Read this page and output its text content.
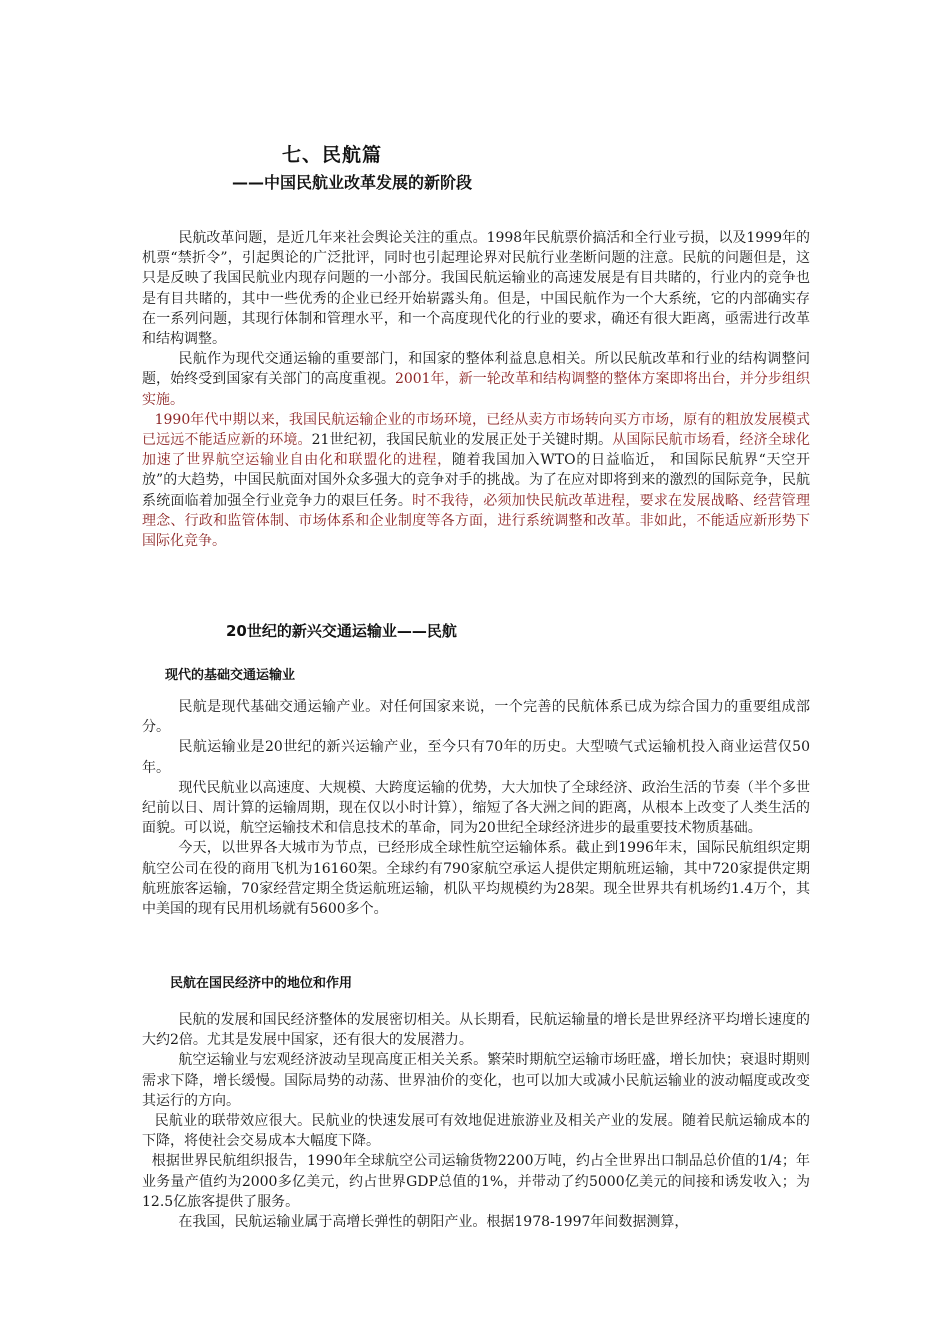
七、民航篇
——中国民航业改革发展的新阶段

民航改革问题，是近几年来社会舆论关注的重点。1998年民航票价搞活和全行业亏损，以及1999年的机票“禁折令”，引起舆论的广泛批评，同时也引起理论界对民航行业垄断问题的注意。民航的问题但是，这只是反映了我国民航业内现存问题的一小部分。我国民航运输业的高速发展是有目共睹的，行业内的竞争也是有目共睹的，其中一些优秀的企业已经开始崭露头角。但是，中国民航作为一个大系统，它的内部确实存在一系列问题，其现行体制和管理水平，和一个高度现代化的行业的要求，确还有很大距离，亟需进行改革和结构调整。

民航作为现代交通运输的重要部门，和国家的整体利益息息相关。所以民航改革和行业的结构调整问题，始终受到国家有关部门的高度重视。2001年，新一轮改革和结构调整的整体方案即将出台，并分步组织实施。

1990年代中期以来，我国民航运输企业的市场环境，已经从卖方市场转向买方市场，原有的粗放发展模式已远远不能适应新的环境。21世纪初，我国民航业的发展正处于关键时期。从国际民航市场看，经济全球化加速了世界航空运输业自由化和联盟化的进程，随着我国加入WTO的日益临近， 和国际民航界“天空开放”的大趋势，中国民航面对国外众多强大的竞争对手的挑战。为了在应对即将到来的激烈的国际竞争，民航系统面临着加强全行业竞争力的艰巨任务。时不我待，必须加快民航改革进程，要求在发展战略、经营管理理念、行政和监管体制、市场体系和企业制度等各方面，进行系统调整和改革。非如此，不能适应新形势下国际化竞争。

20世纪的新兴交通运输业——民航
现代的基础交通运输业

民航是现代基础交通运输产业。对任何国家来说，一个完善的民航体系已成为综合国力的重要组成部分。

民航运输业是20世纪的新兴运输产业，至今只有70年的历史。大型喷气式运输机投入商业运营仅50年。

现代民航业以高速度、大规模、大跨度运输的优势，大大加快了全球经济、政治生活的节奏（半个多世纪前以日、周计算的运输周期，现在仅以小时计算），缩短了各大洲之间的距离，从根本上改变了人类生活的面貌。可以说，航空运输技术和信息技术的革命，同为20世纪全球经济进步的最重要技术物质基础。

今天，以世界各大城市为节点，已经形成全球性航空运输体系。截止到1996年末，国际民航组织定期航空公司在役的商用飞机为16160架。全球约有790家航空承运人提供定期航班运输，其中720家提供定期航班旅客运输，70家经营定期全货运航班运输，机队平均规模约为28架。现全世界共有机场约1.4万个，其中美国的现有民用机场就有5600多个。

民航在国民经济中的地位和作用

民航的发展和国民经济整体的发展密切相关。从长期看，民航运输量的增长是世界经济平均增长速度的大约2倍。尤其是发展中国家，还有很大的发展潜力。

航空运输业与宏观经济波动呈现高度正相关关系。繁荣时期航空运输市场旺盛，增长加快；衰退时期则需求下降，增长缓慢。国际局势的动荡、世界油价的变化，也可以加大或减小民航运输业的波动幅度或改变其运行的方向。

民航业的联带效应很大。民航业的快速发展可有效地促进旅游业及相关产业的发展。随着民航运输成本的下降，将使社会交易成本大幅度下降。

根据世界民航组织报告，1990年全球航空公司运输货物2200万吨，约占全世界出口制品总价值的1/4；年业务量产值约为2000多亿美元，约占世界GDP总值的1%，并带动了约5000亿美元的间接和诱发收入；为12.5亿旅客提供了服务。

在我国，民航运输业属于高增长弹性的朝阳产业。根据1978-1997年间数据测算，
